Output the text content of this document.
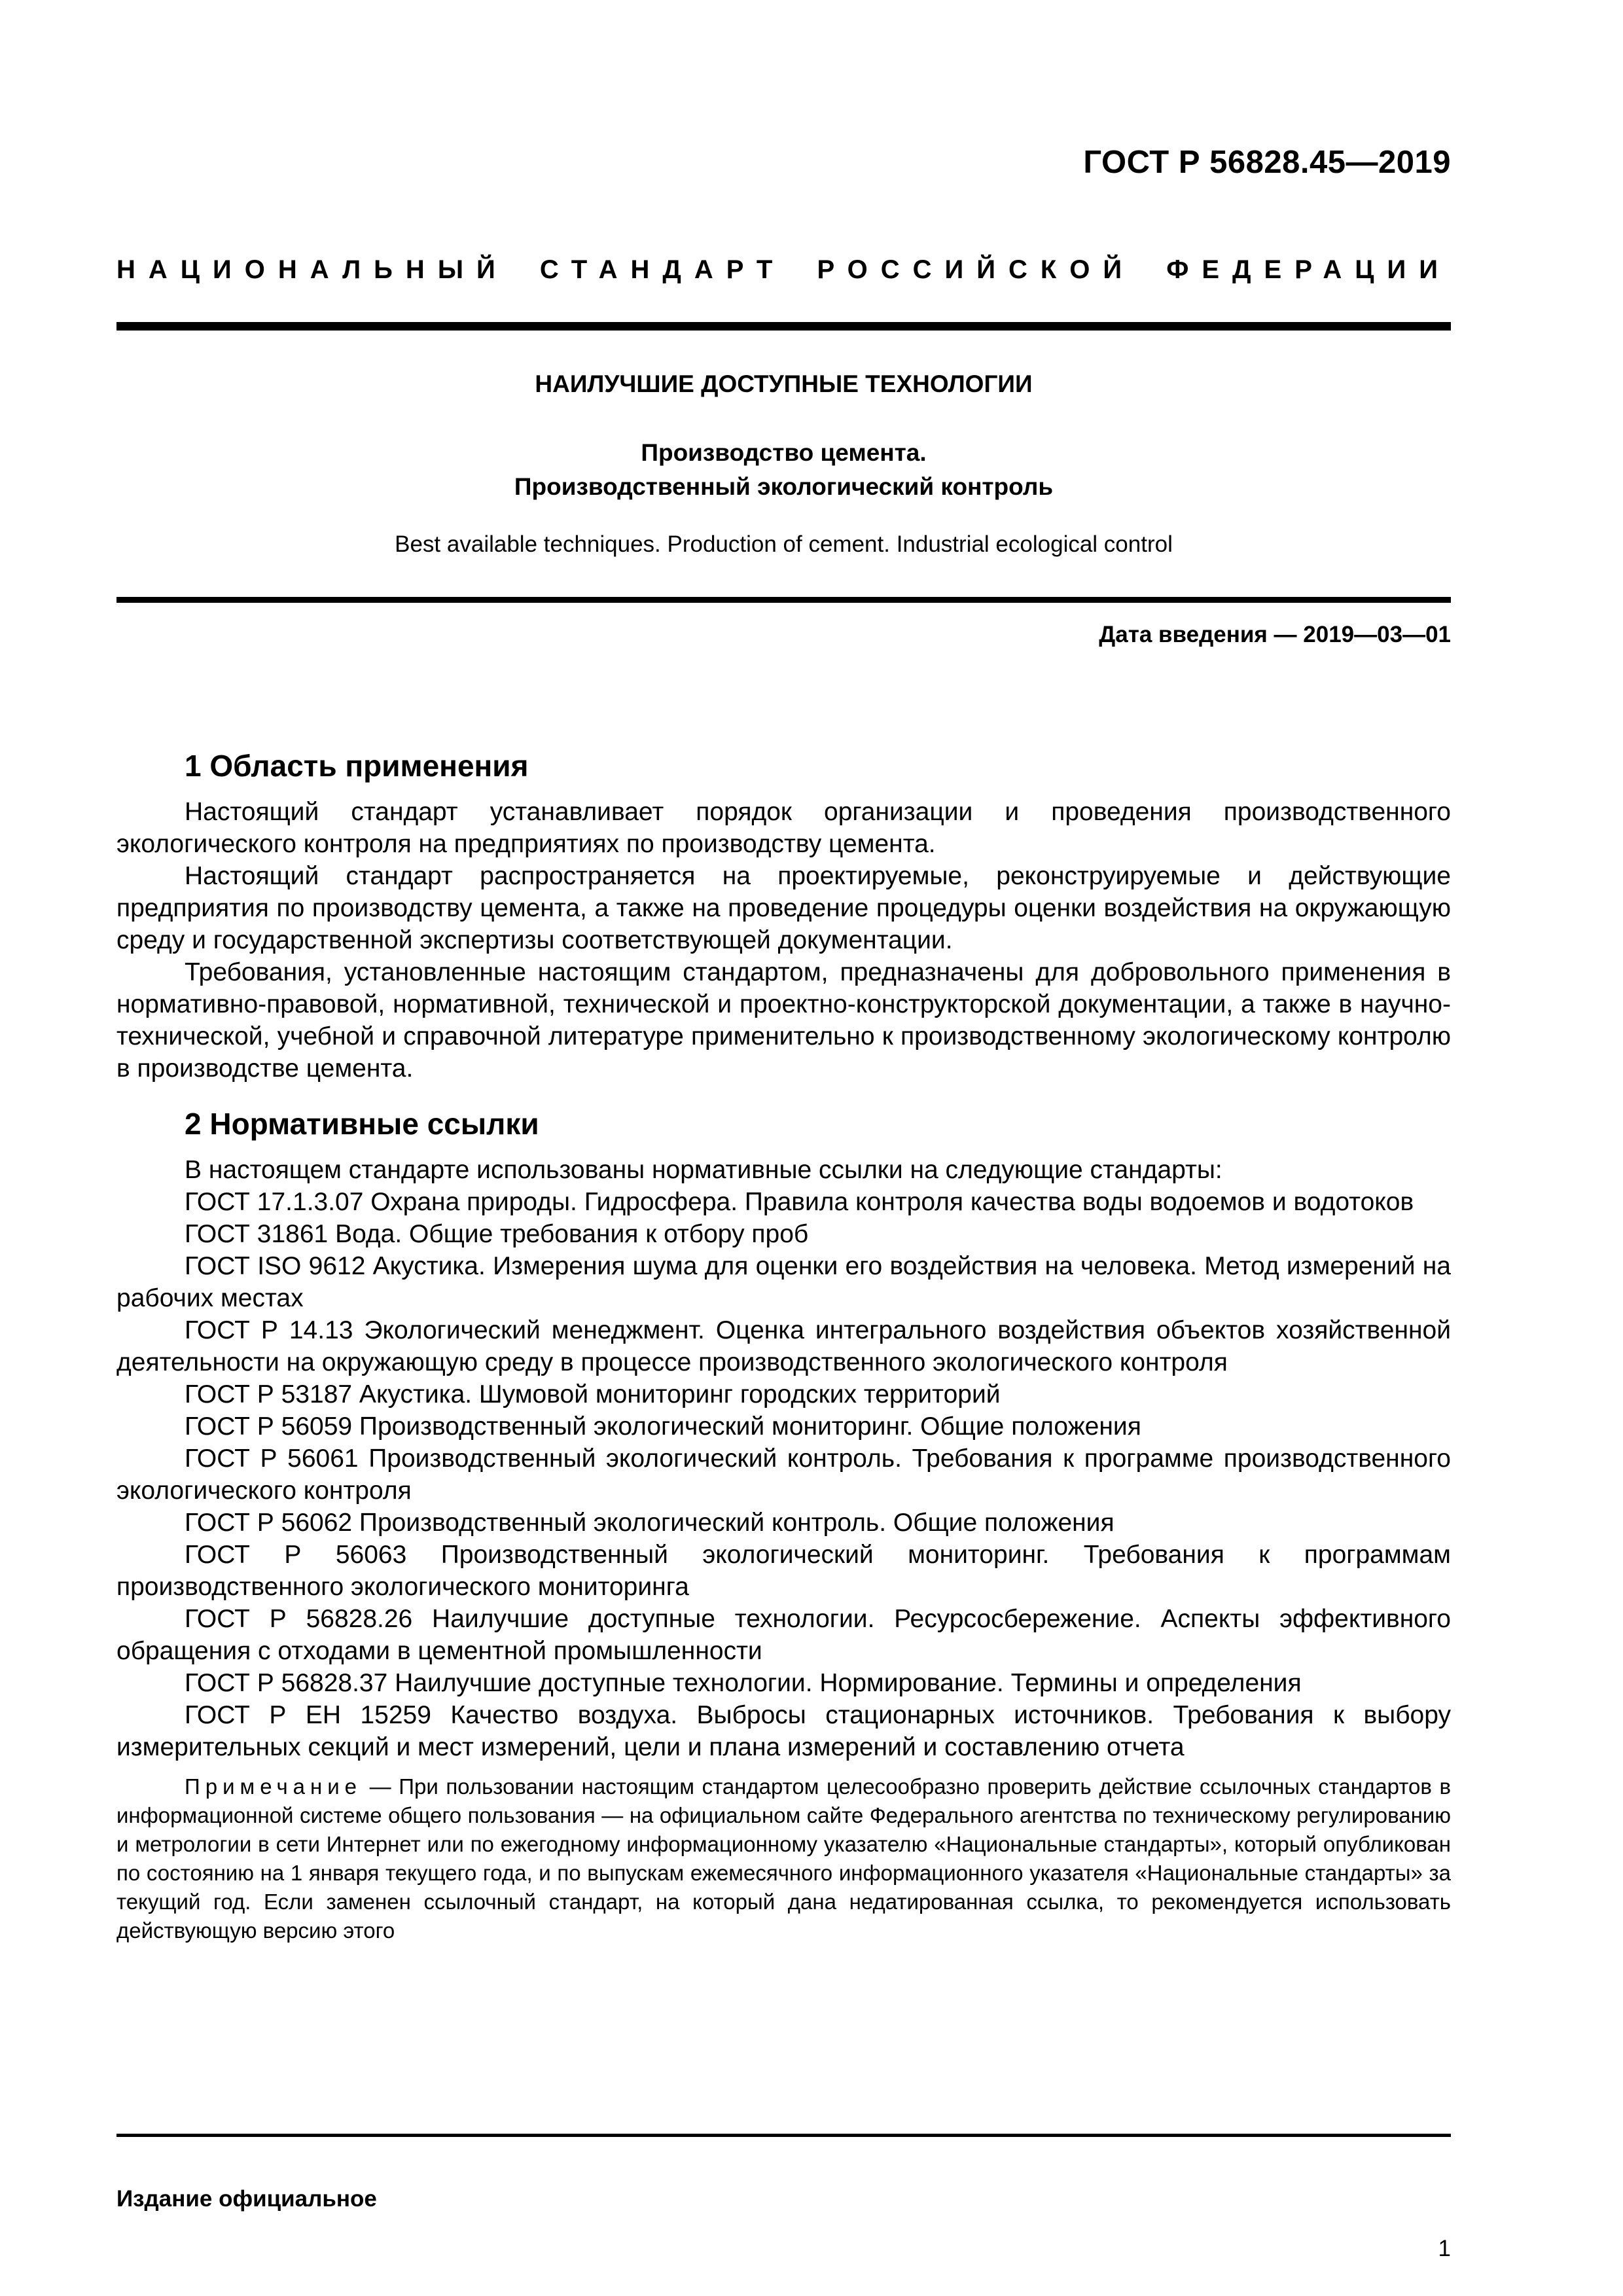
ГОСТ Р 56828.45—2019
НАЦИОНАЛЬНЫЙ СТАНДАРТ РОССИЙСКОЙ ФЕДЕРАЦИИ
НАИЛУЧШИЕ ДОСТУПНЫЕ ТЕХНОЛОГИИ
Производство цемента.
Производственный экологический контроль
Best available techniques. Production of cement. Industrial ecological control
Дата введения — 2019—03—01
1 Область применения

Настоящий стандарт устанавливает порядок организации и проведения производственного экологического контроля на предприятиях по производству цемента.

Настоящий стандарт распространяется на проектируемые, реконструируемые и действующие предприятия по производству цемента, а также на проведение процедуры оценки воздействия на окружающую среду и государственной экспертизы соответствующей документации.

Требования, установленные настоящим стандартом, предназначены для добровольного применения в нормативно-правовой, нормативной, технической и проектно-конструкторской документации, а также в научно-технической, учебной и справочной литературе применительно к производственному экологическому контролю в производстве цемента.

2 Нормативные ссылки

В настоящем стандарте использованы нормативные ссылки на следующие стандарты:

ГОСТ 17.1.3.07 Охрана природы. Гидросфера. Правила контроля качества воды водоемов и водотоков

ГОСТ 31861 Вода. Общие требования к отбору проб

ГОСТ ISO 9612 Акустика. Измерения шума для оценки его воздействия на человека. Метод измерений на рабочих местах

ГОСТ Р 14.13 Экологический менеджмент. Оценка интегрального воздействия объектов хозяйственной деятельности на окружающую среду в процессе производственного экологического контроля

ГОСТ Р 53187 Акустика. Шумовой мониторинг городских территорий

ГОСТ Р 56059 Производственный экологический мониторинг. Общие положения

ГОСТ Р 56061 Производственный экологический контроль. Требования к программе производственного экологического контроля

ГОСТ Р 56062 Производственный экологический контроль. Общие положения

ГОСТ Р 56063 Производственный экологический мониторинг. Требования к программам производственного экологического мониторинга

ГОСТ Р 56828.26 Наилучшие доступные технологии. Ресурсосбережение. Аспекты эффективного обращения с отходами в цементной промышленности

ГОСТ Р 56828.37 Наилучшие доступные технологии. Нормирование. Термины и определения

ГОСТ Р ЕН 15259 Качество воздуха. Выбросы стационарных источников. Требования к выбору измерительных секций и мест измерений, цели и плана измерений и составлению отчета

Примечание — При пользовании настоящим стандартом целесообразно проверить действие ссылочных стандартов в информационной системе общего пользования — на официальном сайте Федерального агентства по техническому регулированию и метрологии в сети Интернет или по ежегодному информационному указателю «Национальные стандарты», который опубликован по состоянию на 1 января текущего года, и по выпускам ежемесячного информационного указателя «Национальные стандарты» за текущий год. Если заменен ссылочный стандарт, на который дана недатированная ссылка, то рекомендуется использовать действующую версию этого
Издание официальное
1
